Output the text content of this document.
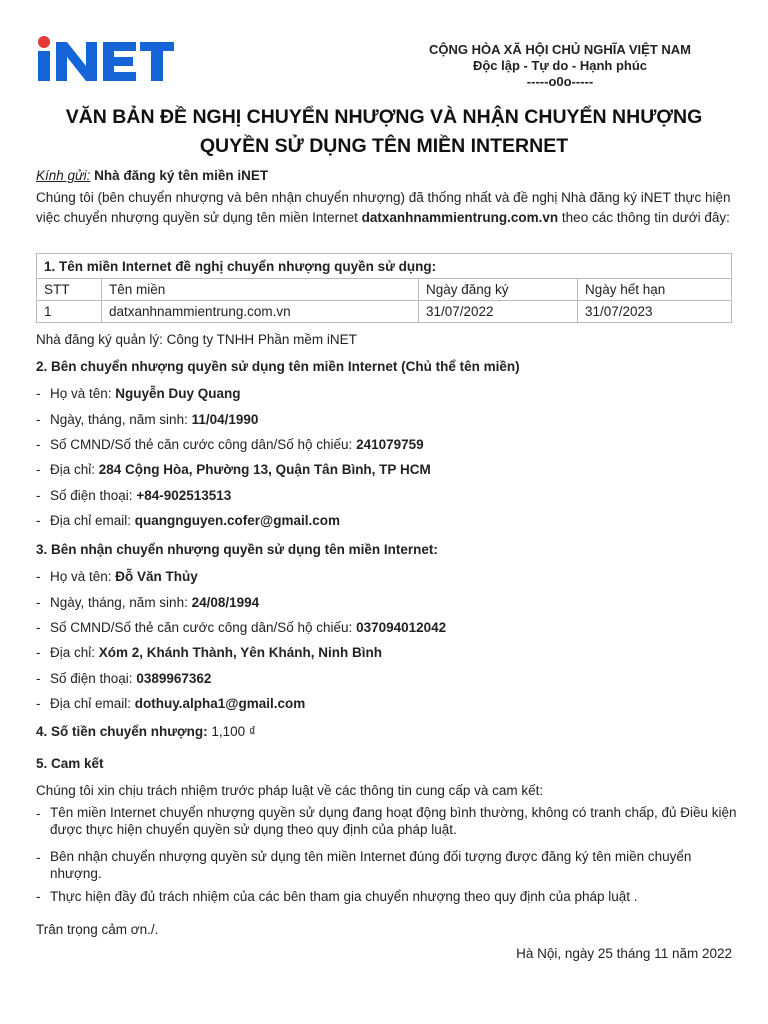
CỘNG HÒA XÃ HỘI CHỦ NGHĨA VIỆT NAM
Độc lập - Tự do - Hạnh phúc
-----o0o-----
VĂN BẢN ĐỀ NGHỊ CHUYỂN NHƯỢNG VÀ NHẬN CHUYỂN NHƯỢNG
QUYỀN SỬ DỤNG TÊN MIỀN INTERNET
Kính gửi: Nhà đăng ký tên miền iNET
Chúng tôi (bên chuyển nhượng và bên nhận chuyển nhượng) đã thống nhất và đề nghị Nhà đăng ký iNET thực hiện việc chuyển nhượng quyền sử dụng tên miền Internet datxanhnammientrung.com.vn theo các thông tin dưới đây:
1. Tên miền Internet đề nghị chuyển nhượng quyền sử dụng:			
STT	Tên miền	Ngày đăng ký	Ngày hết hạn
1	datxanhnammientrung.com.vn	31/07/2022	31/07/2023
Nhà đăng ký quản lý: Công ty TNHH Phần mềm iNET
2. Bên chuyển nhượng quyền sử dụng tên miền Internet (Chủ thể tên miền)
- Họ và tên: Nguyễn Duy Quang
- Ngày, tháng, năm sinh: 11/04/1990
- Số CMND/Số thẻ căn cước công dân/Số hộ chiếu: 241079759
- Địa chỉ: 284 Cộng Hòa, Phường 13, Quận Tân Bình, TP HCM
- Số điện thoại: +84-902513513
- Địa chỉ email: quangnguyen.cofer@gmail.com
3. Bên nhận chuyển nhượng quyền sử dụng tên miền Internet:
- Họ và tên: Đỗ Văn Thủy
- Ngày, tháng, năm sinh: 24/08/1994
- Số CMND/Số thẻ căn cước công dân/Số hộ chiếu: 037094012042
- Địa chỉ: Xóm 2, Khánh Thành, Yên Khánh, Ninh Bình
- Số điện thoại: 0389967362
- Địa chỉ email: dothuy.alpha1@gmail.com
4. Số tiền chuyển nhượng: 1,100 ₫
5. Cam kết
Chúng tôi xin chịu trách nhiệm trước pháp luật về các thông tin cung cấp và cam kết:
- Tên miền Internet chuyển nhượng quyền sử dụng đang hoạt động bình thường, không có tranh chấp, đủ Điều kiện được thực hiện chuyển quyền sử dụng theo quy định của pháp luật.
- Bên nhận chuyển nhượng quyền sử dụng tên miền Internet đúng đối tượng được đăng ký tên miền chuyển nhượng.
- Thực hiện đầy đủ trách nhiệm của các bên tham gia chuyển nhượng theo quy định của pháp luật .
Trân trọng cảm ơn./.
Hà Nội, ngày 25 tháng 11 năm 2022
